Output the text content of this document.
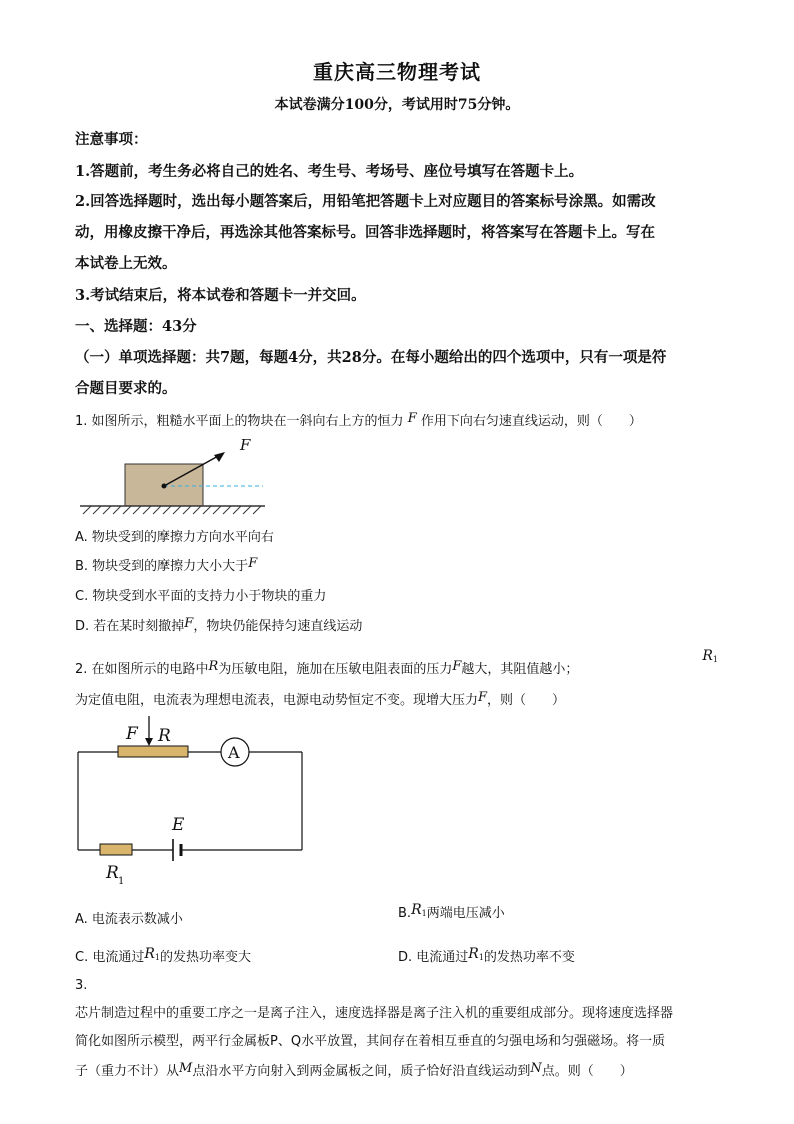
重庆高三物理考试
本试卷满分100分，考试用时75分钟。
注意事项：
1.答题前，考生务必将自己的姓名、考生号、考场号、座位号填写在答题卡上。
2.回答选择题时，选出每小题答案后，用铅笔把答题卡上对应题目的答案标号涂黑。如需改
动，用橡皮擦干净后，再选涂其他答案标号。回答非选择题时，将答案写在答题卡上。写在
本试卷上无效。
3.考试结束后，将本试卷和答题卡一并交回。
一、选择题：43分
（一）单项选择题：共7题，每题4分，共28分。在每小题给出的四个选项中，只有一项是符
合题目要求的。
1. 如图所示，粗糙水平面上的物块在一斜向右上方的恒力 F 作用下向右匀速直线运动，则（　　）
F
A. 物块受到的摩擦力方向水平向右
B. 物块受到的摩擦力大小大于F
C. 物块受到水平面的支持力小于物块的重力
D. 若在某时刻撤掉F，物块仍能保持匀速直线运动
2. 在如图所示的电路中R为压敏电阻，施加在压敏电阻表面的压力F越大，其阻值越小；
$R_1$
为定值电阻，电流表为理想电流表，电源电动势恒定不变。现增大压力F，则（　　）
F R
A
E
R 1
A. 电流表示数减小	$B.R_1$两端电压减小
C. 电流通过$R_1$的发热功率变大	D. 电流通过$R_1$的发热功率不变
3.
芯片制造过程中的重要工序之一是离子注入，速度选择器是离子注入机的重要组成部分。现将速度选择器
简化如图所示模型，两平行金属板P、Q水平放置，其间存在着相互垂直的匀强电场和匀强磁场。将一质
子（重力不计）从M点沿水平方向射入到两金属板之间，质子恰好沿直线运动到N点。则（　　）
